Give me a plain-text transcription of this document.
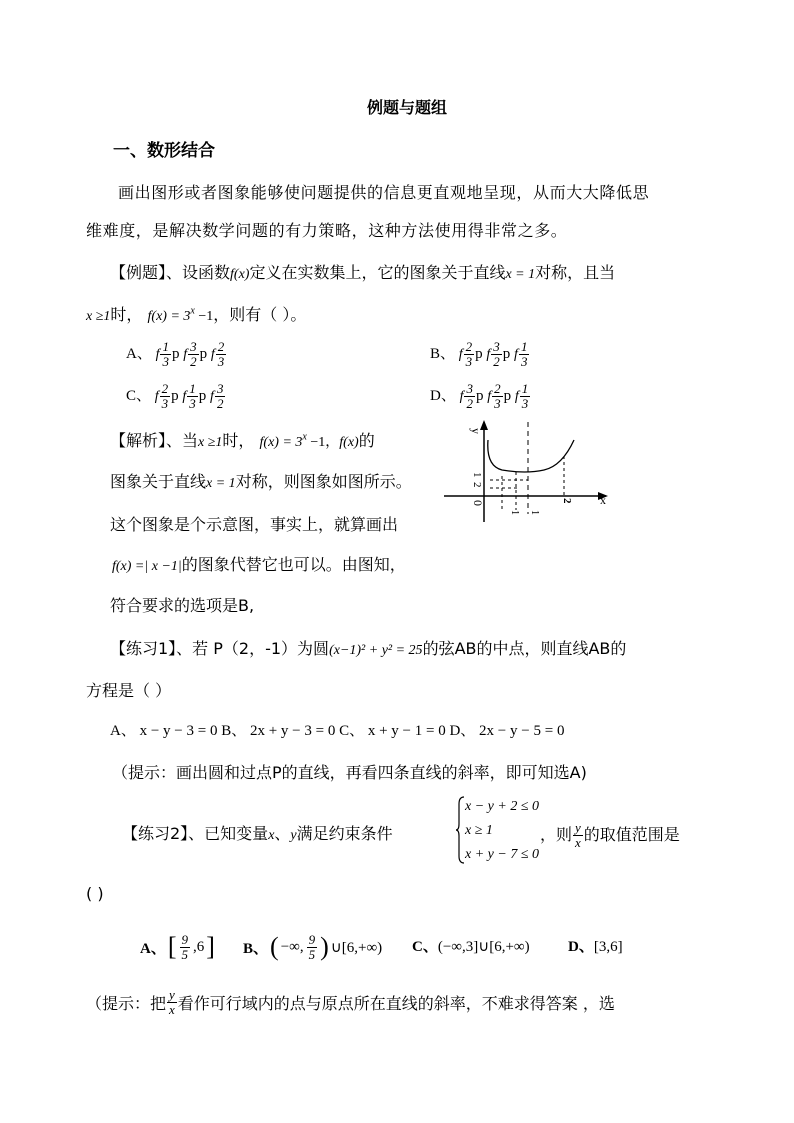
例题与题组
一、数形结合
画出图形或者图象能够使问题提供的信息更直观地呈现，从而大大降低思
维难度，是解决数学问题的有力策略，这种方法使用得非常之多。
【例题】、设函数f(x)定义在实数集上，它的图象关于直线x = 1对称，且当
x ≥1时， $f(x) = 3^x -1$，则有（ ）。
A、 f $\frac{1}{3}$ p f $\frac{3}{2}$ p f $\frac{2}{3}$	B、 f $\frac{2}{3}$ p f $\frac{3}{2}$ p f $\frac{1}{3}$
C、 f $\frac{2}{3}$ p f $\frac{1}{3}$ p f $\frac{3}{2}$	D、 f $\frac{3}{2}$ p f $\frac{2}{3}$ p f $\frac{1}{3}$
【解析】、当x ≥1时， $f(x) = 3^x -1$，f(x)的
图象关于直线x = 1对称，则图象如图所示。
这个图象是个示意图，事实上，就算画出
f(x) =| x −1|的图象代替它也可以。由图知，
符合要求的选项是B,
y
x
0
1
2
1 1
2
【练习1】、若 P（2，-1）为圆(x−1)² + y² = 25的弦AB的中点，则直线AB的
方程是（ ）
A、 x − y − 3 = 0 B、 2x + y − 3 = 0 C、 x + y − 1 = 0 D、 2x − y − 5 = 0
（提示：画出圆和过点P的直线，再看四条直线的斜率，即可知选A)
【练习2】、已知变量x、y满足约束条件
x − y + 2 ≤ 0
x ≥ 1
x + y − 7 ≤ 0
，则 $\frac{y}{x}$ 的取值范围是
( )
A、 [ $\frac{9}{5} ,6$ ] B、 ( −∞, $\frac{9}{5}$ ) ∪[6,+∞) C、(−∞,3]∪[6,+∞)	D、[3,6]
（提示：把 $\frac{y}{x}$ 看作可行域内的点与原点所在直线的斜率，不难求得答案 ，选
